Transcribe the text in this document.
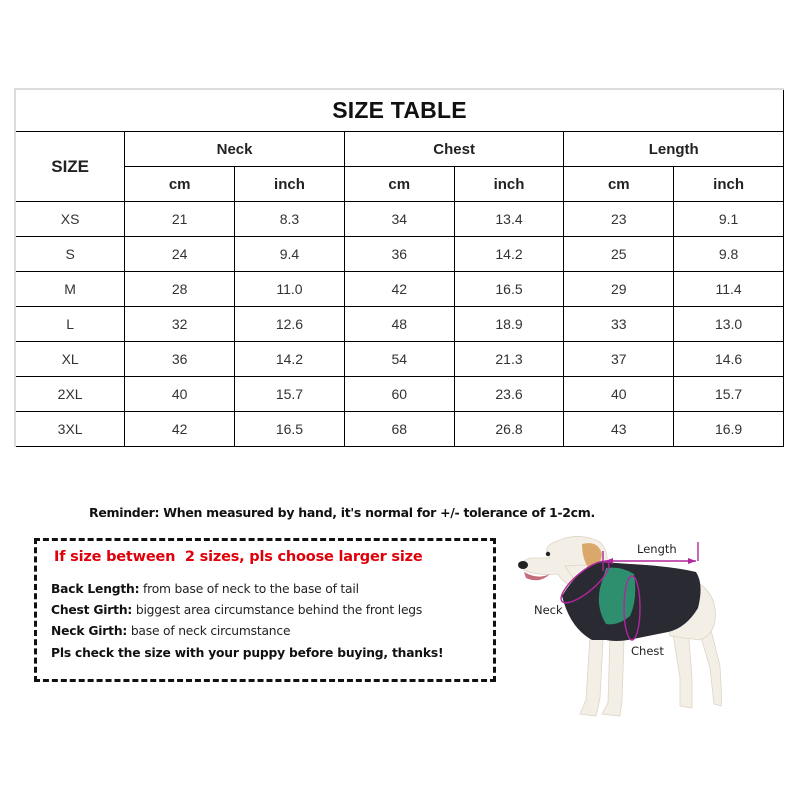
SIZE TABLE						
SIZE	Neck		Chest		Length	
	cm	inch	cm	inch	cm	inch
XS	21	8.3	34	13.4	23	9.1
S	24	9.4	36	14.2	25	9.8
M	28	11.0	42	16.5	29	11.4
L	32	12.6	48	18.9	33	13.0
XL	36	14.2	54	21.3	37	14.6
2XL	40	15.7	60	23.6	40	15.7
3XL	42	16.5	68	26.8	43	16.9
Reminder: When measured by hand, it's normal for +/- tolerance of 1-2cm.
If size between  2 sizes, pls choose larger size
Back Length: from base of neck to the base of tail
Chest Girth: biggest area circumstance behind the front legs
Neck Girth: base of neck circumstance
Pls check the size with your puppy before buying, thanks!
Length
Neck
Chest
